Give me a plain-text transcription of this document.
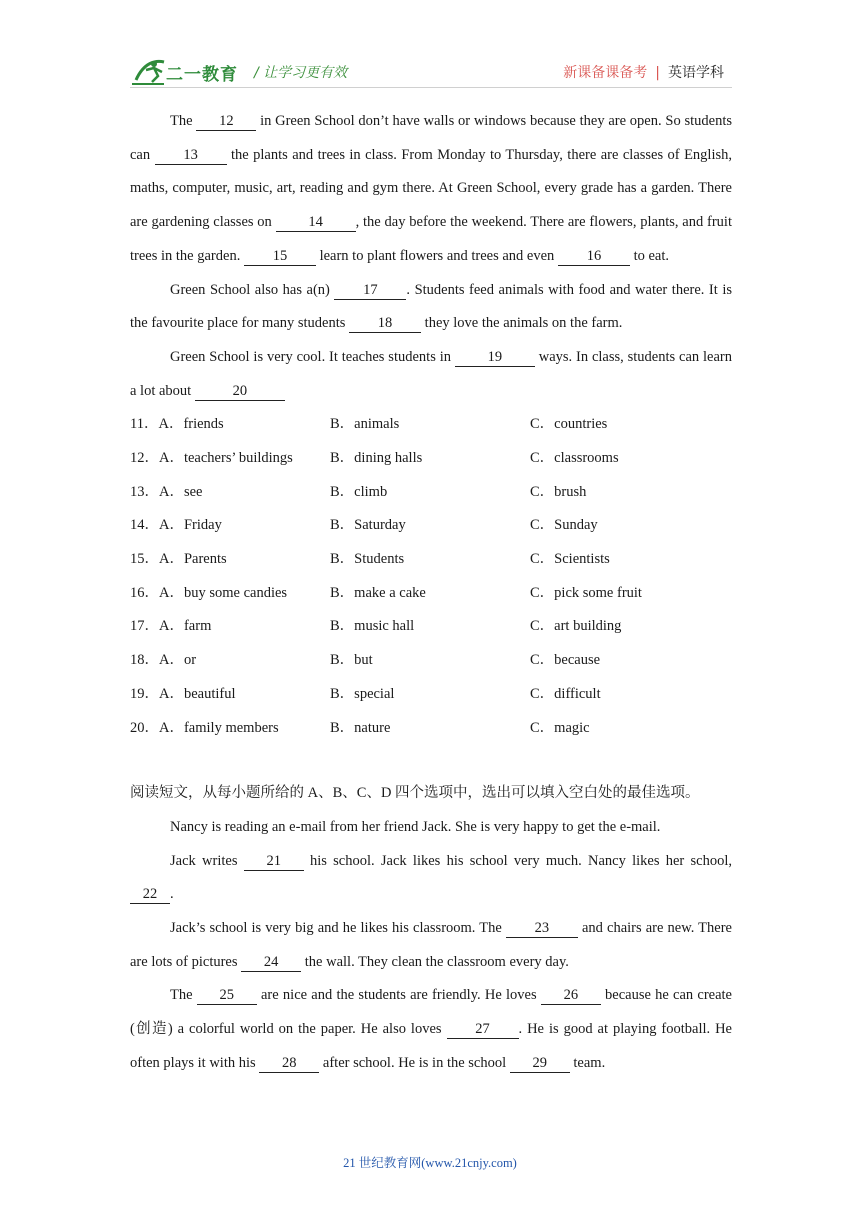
二一教育 / 让学习更有效	新课备课备考 | 英语学科

The 12 in Green School don’t have walls or windows because they are open. So students can 13 the plants and trees in class. From Monday to Thursday, there are classes of English, maths, computer, music, art, reading and gym there. At Green School, every grade has a garden. There are gardening classes on 14 , the day before the weekend. There are flowers, plants, and fruit trees in the garden. 15 learn to plant flowers and trees and even 16 to eat.

Green School also has a(n) 17 . Students feed animals with food and water there. It is the favourite place for many students 18 they love the animals on the farm.

Green School is very cool. It teaches students in 19 ways. In class, students can learn a lot about	20

11．A．friends	B．animals	C．countries
12．A．teachers’ buildings	B．dining halls	C．classrooms
13．A．see	B．climb	C．brush
14．A．Friday	B．Saturday	C．Sunday
15．A．Parents	B．Students	C．Scientists
16．A．buy some candies	B．make a cake	C．pick some fruit
17．A．farm	B．music hall	C．art building
18．A．or	B．but	C．because
19．A．beautiful	B．special	C．difficult
20．A．family members	B．nature	C．magic
阅读短文，从每小题所给的 A、B、C、D 四个选项中，选出可以填入空白处的最佳选项。

Nancy is reading an e-mail from her friend Jack. She is very happy to get the e-mail.

Jack writes 21 his school. Jack likes his school very much. Nancy likes her school, 22 .

Jack’s school is very big and he likes his classroom. The 23 and chairs are new. There are lots of pictures 24 the wall. They clean the classroom every day.

The 25 are nice and the students are friendly. He loves 26 because he can create (创造) a colorful world on the paper. He also loves 27 . He is good at playing football. He often plays it with his 28 after school. He is in the school 29 team.

21 世纪教育网(www.21cnjy.com)
